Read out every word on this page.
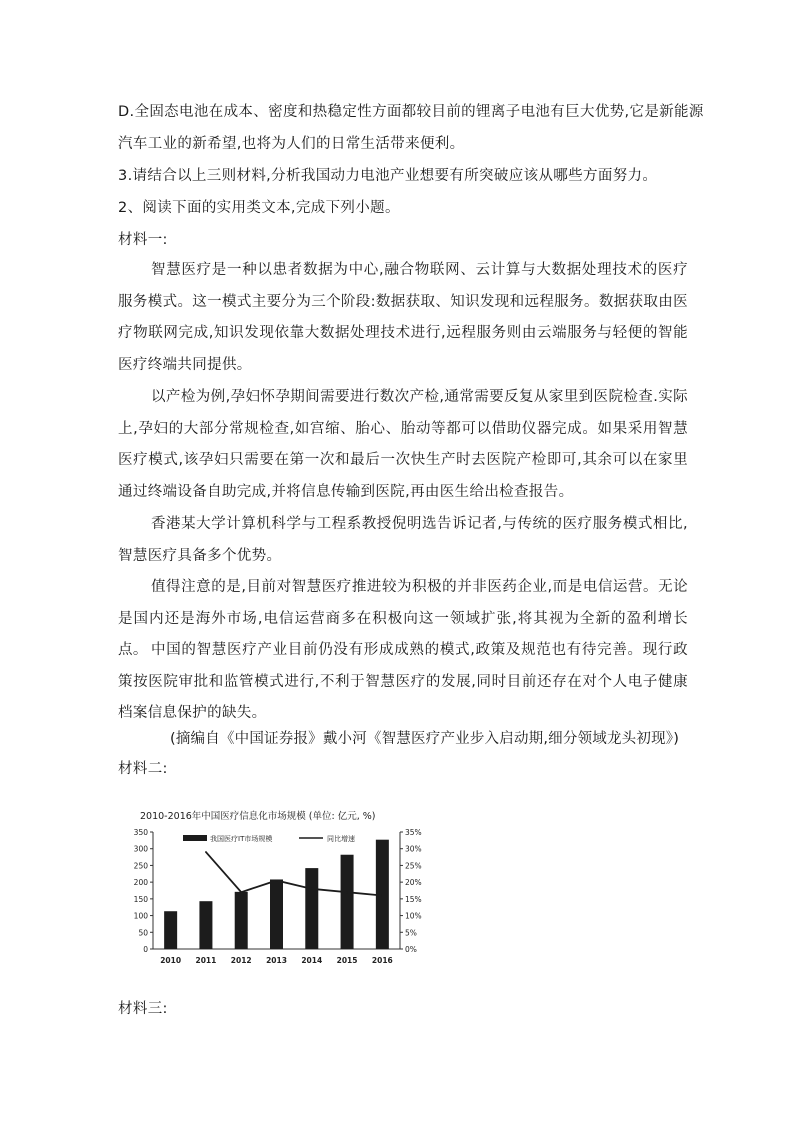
D.全固态电池在成本、密度和热稳定性方面都较目前的锂离子电池有巨大优势,它是新能源
汽车工业的新希望,也将为人们的日常生活带来便利。
3.请结合以上三则材料,分析我国动力电池产业想要有所突破应该从哪些方面努力。
2、阅读下面的实用类文本,完成下列小题。
材料一:
智慧医疗是一种以患者数据为中心,融合物联网、云计算与大数据处理技术的医疗服务模式。这一模式主要分为三个阶段:数据获取、知识发现和远程服务。数据获取由医疗物联网完成,知识发现依靠大数据处理技术进行,远程服务则由云端服务与轻便的智能医疗终端共同提供。
以产检为例,孕妇怀孕期间需要进行数次产检,通常需要反复从家里到医院检查.实际上,孕妇的大部分常规检查,如宫缩、胎心、胎动等都可以借助仪器完成。如果采用智慧医疗模式,该孕妇只需要在第一次和最后一次快生产时去医院产检即可,其余可以在家里通过终端设备自助完成,并将信息传输到医院,再由医生给出检查报告。
香港某大学计算机科学与工程系教授倪明选告诉记者,与传统的医疗服务模式相比,智慧医疗具备多个优势。
值得注意的是,目前对智慧医疗推进较为积极的并非医药企业,而是电信运营。无论是国内还是海外市场,电信运营商多在积极向这一领域扩张,将其视为全新的盈利增长点。 中国的智慧医疗产业目前仍没有形成成熟的模式,政策及规范也有待完善。现行政策按医院审批和监管模式进行,不利于智慧医疗的发展,同时目前还存在对个人电子健康档案信息保护的缺失。
(摘编自《中国证券报》戴小河《智慧医疗产业步入启动期,细分领域龙头初现》)
材料二:
2010-2016年中国医疗信息化市场规模 (单位: 亿元, %)
0
50
100
150
200
250
300
350
0%
5%
10%
15%
20%
25%
30%
35%
2010 2011 2012 2013 2014 2015 2016
我国医疗IT市场规模	同比增速
材料三:
